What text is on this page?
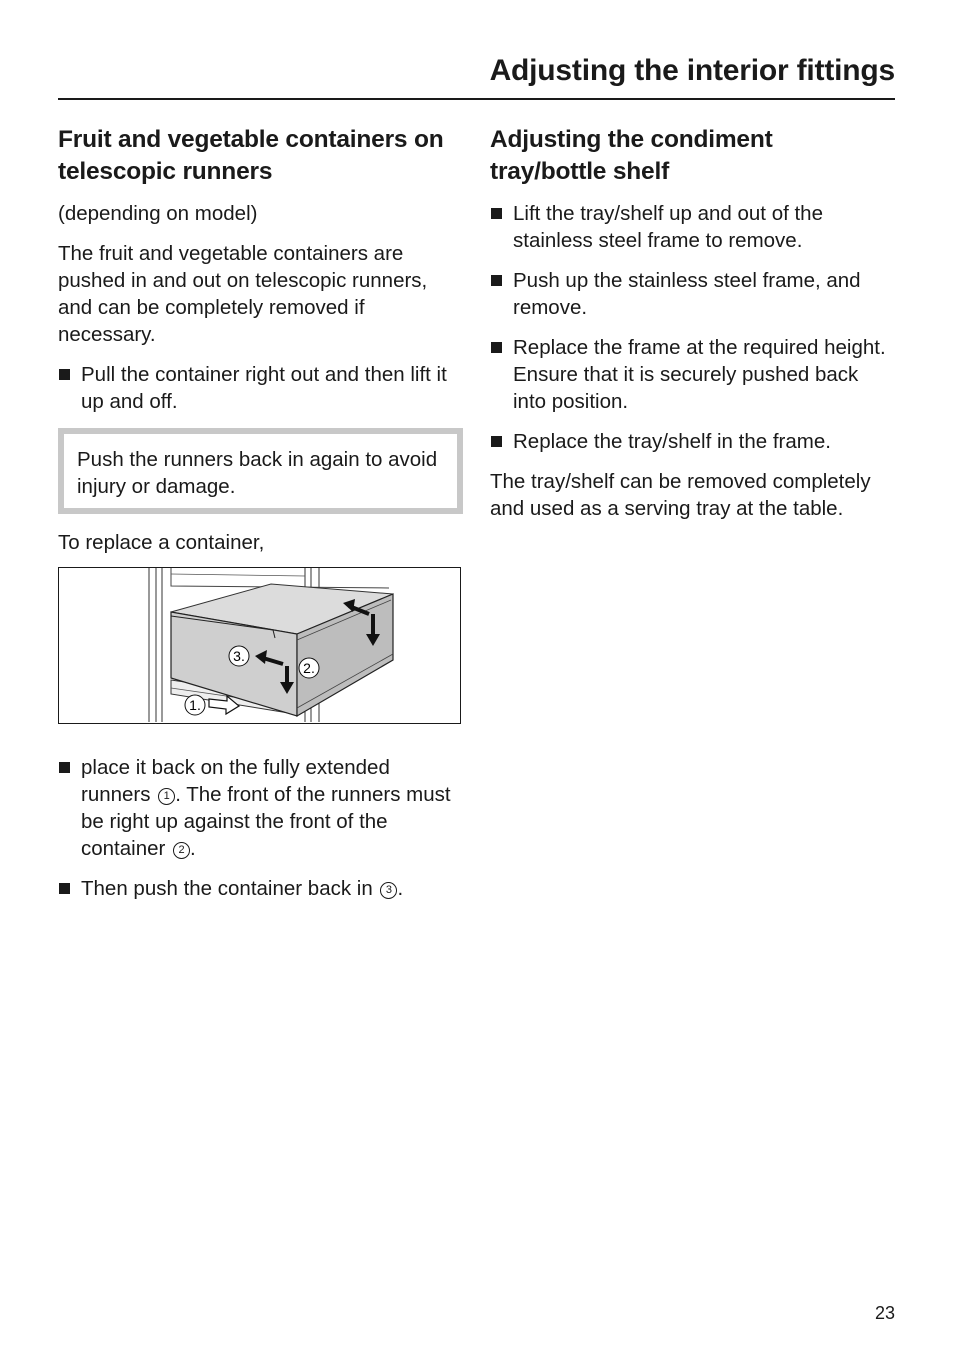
Adjusting the interior fittings
Fruit and vegetable containers on telescopic runners

(depending on model)

The fruit and vegetable containers are pushed in and out on telescopic runners, and can be completely removed if necessary.

Pull the container right out and then lift it up and off.

Push the runners back in again to avoid injury or damage.

To replace a container,

3.
2.
1.
place it back on the fully extended runners 1 . The front of the runners must be right up against the front of the container 2 .
Then push the container back in 3 .
Adjusting the condiment tray/bottle shelf
Lift the tray/shelf up and out of the stainless steel frame to remove.
Push up the stainless steel frame, and remove.
Replace the frame at the required height. Ensure that it is securely pushed back into position.
Replace the tray/shelf in the frame.

The tray/shelf can be removed completely and used as a serving tray at the table.

23
